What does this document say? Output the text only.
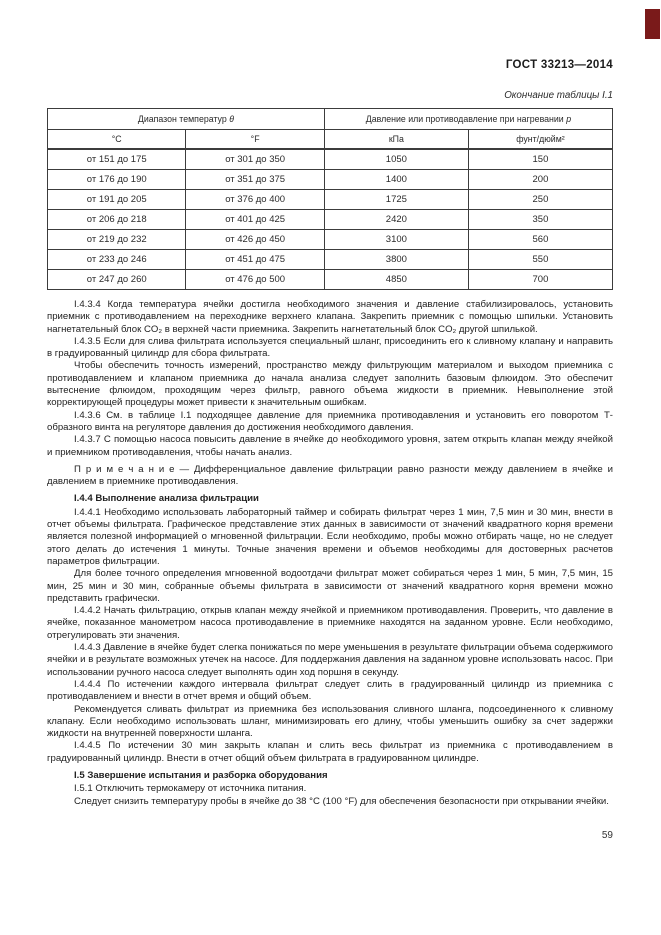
ГОСТ 33213—2014
Окончание таблицы I.1
Диапазон температур θ		Давление или противодавление при нагревании p	
°С	°F	кПа	фунт/дюйм²
от 151 до 175	от 301 до 350	1050	150
от 176 до 190	от 351 до 375	1400	200
от 191 до 205	от 376 до 400	1725	250
от 206 до 218	от 401 до 425	2420	350
от 219 до 232	от 426 до 450	3100	560
от 233 до 246	от 451 до 475	3800	550
от 247 до 260	от 476 до 500	4850	700

I.4.3.4 Когда температура ячейки достигла необходимого значения и давление стабилизировалось, установить приемник с противодавлением на переходнике верхнего клапана. Закрепить приемник с помощью шпильки. Установить нагнетательный блок CO₂ в верхней части приемника. Закрепить нагнетательный блок CO₂ другой шпилькой.

I.4.3.5 Если для слива фильтрата используется специальный шланг, присоединить его к сливному клапану и направить в градуированный цилиндр для сбора фильтрата.

Чтобы обеспечить точность измерений, пространство между фильтрующим материалом и выходом приемника с противодавлением и клапаном приемника до начала анализа следует заполнить базовым флюидом. Это обеспечит вытеснение флюидом, проходящим через фильтр, равного объема жидкости в приемник. Невыполнение этой корректирующей процедуры может привести к значительным ошибкам.

I.4.3.6 См. в таблице I.1 подходящее давление для приемника противодавления и установить его поворотом Т-образного винта на регуляторе давления до достижения необходимого давления.

I.4.3.7 С помощью насоса повысить давление в ячейке до необходимого уровня, затем открыть клапан между ячейкой и приемником противодавления, чтобы начать анализ.

П р и м е ч а н и е — Дифференциальное давление фильтрации равно разности между давлением в ячейке и давлением в приемнике противодавления.

I.4.4 Выполнение анализа фильтрации

I.4.4.1 Необходимо использовать лабораторный таймер и собирать фильтрат через 1 мин, 7,5 мин и 30 мин, внести в отчет объемы фильтрата. Графическое представление этих данных в зависимости от значений квадратного корня времени является полезной информацией о мгновенной фильтрации. Если необходимо, пробы можно отбирать чаще, но не следует этого делать до истечения 1 минуты. Точные значения времени и объемов необходимы для достоверных расчетов параметров фильтрации.

Для более точного определения мгновенной водоотдачи фильтрат может собираться через 1 мин, 5 мин, 7,5 мин, 15 мин, 25 мин и 30 мин, собранные объемы фильтрата в зависимости от значений квадратного корня времени можно представить графически.

I.4.4.2 Начать фильтрацию, открыв клапан между ячейкой и приемником противодавления. Проверить, что давление в ячейке, показанное манометром насоса противодавление в приемнике находятся на заданном уровне. Если необходимо, отрегулировать эти значения.

I.4.4.3 Давление в ячейке будет слегка понижаться по мере уменьшения в результате фильтрации объема содержимого ячейки и в результате возможных утечек на насосе. Для поддержания давления на заданном уровне использовать насос. При использовании ручного насоса следует выполнять один ход поршня в секунду.

I.4.4.4 По истечении каждого интервала фильтрат следует слить в градуированный цилиндр из приемника с противодавлением и внести в отчет время и общий объем.

Рекомендуется сливать фильтрат из приемника без использования сливного шланга, подсоединенного к сливному клапану. Если необходимо использовать шланг, минимизировать его длину, чтобы уменьшить ошибку за счет задержки жидкости на внутренней поверхности шланга.

I.4.4.5 По истечении 30 мин закрыть клапан и слить весь фильтрат из приемника с противодавлением в градуированный цилиндр. Внести в отчет общий объем фильтрата в градуированном цилиндре.

I.5 Завершение испытания и разборка оборудования

I.5.1 Отключить термокамеру от источника питания.

Следует снизить температуру пробы в ячейке до 38 °С (100 °F) для обеспечения безопасности при открывании ячейки.

59
